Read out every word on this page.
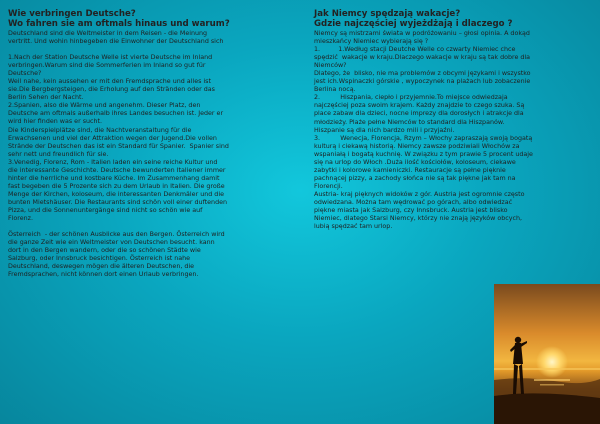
Wie verbringen Deutsche?
Wo fahren sie am oftmals hinaus und warum?
Deutschland sind die Weltmeister in dem Reisen - die Meinung
vertritt. Und wohin hinbegeben die Einwohner der Deutschland sich
1.Nach der Station Deutsche Welle ist vierte Deutsche im Inland
verbringen.Warum sind die Sommerferien im Inland so gut für
Deutsche?
Weil nahe, kein aussehen er mit den Fremdsprache und alles ist
sie.Die Bergbergsteigen, die Erholung auf den Stränden oder das
Berlin Sehen der Nacht.
2.Spanien, also die Wärme und angenehm. Dieser Platz, den
Deutsche am oftmals außerhalb ihres Landes besuchen ist. Jeder er
wird hier finden was er sucht.
Die Kinderspielplätze sind, die Nachtveranstaltung für die
Erwachsenen und viel der Attraktion wegen der Jugend.Die vollen
Strände der Deutschen das ist ein Standard für Spanier.  Spanier sind
sehr nett und freundlich für sie.
3.Venedig, Florenz, Rom - Italien laden ein seine reiche Kultur und
die interessante Geschichte. Deutsche bewunderten Italiener immer
hinter die herrliche und kostbare Küche. Im Zusammenhang damit
fast begeben die 5 Prozente sich zu dem Urlaub in Italien. Die große
Menge der Kirchen, koloseum, die interessanten Denkmäler und die
bunten Mietshäuser. Die Restaurants sind schön voll einer duftenden
Pizza, und die Sonnenuntergänge sind nicht so schön wie auf
Florenz.
Österreich  - der schönen Ausblicke aus den Bergen. Österreich wird
die ganze Zeit wie ein Weltmeister von Deutschen besucht. kann
dort in den Bergen wandern, oder die so schönen Städte wie
Salzburg, oder Innsbruck besichtigen. Österreich ist nahe
Deutschland, deswegen mögen die älteren Deutschen, die
Fremdsprachen, nicht können dort einen Urlaub verbringen.
Jak Niemcy spędzają wakacje?
Gdzie najczęściej wyjeżdżają i dlaczego ?
Niemcy są mistrzami świata w podróżowaniu – głosi opinia. A dokąd
mieszkańcy Niemiec wybierają się ?
1.         1.Według stacji Deutche Welle co czwarty Niemiec chce
spędzić  wakacje w kraju.Dlaczego wakacje w kraju są tak dobre dla
Niemców?
Dlatego, że  blisko, nie ma problemów z obcymi językami i wszystko
jest ich.Wspinaczki górskie , wypoczynek na plażach lub zobaczenie
Berlina nocą.
2.          Hiszpania, ciepło i przyjemnie.To miejsce odwiedzaja
najczęściej poza swoim krajem. Każdy znajdzie to czego szuka. Są
place zabaw dla dzieci, nocne imprezy dla dorosłych i atrakcje dla
młodzieży. Plaże pełne Niemców to standard dla Hiszpanów.
Hiszpanie są dla nich bardzo mili i przyjaźni.
3.          Wenecja, Florencja, Rzym – Włochy zapraszają swoją bogatą
kulturą i ciekawą historią. Niemcy zawsze podziwiali Włochów za
wspaniałą i bogatą kuchnię. W związku z tym prawie 5 procent udaje
się na urlop do Włoch .Duża ilość kościołów, koloseum, ciekawe
zabytki i kolorowe kamieniczki. Restauracje są pełne pięknie
pachnącej pizzy, a zachody słońca nie są tak piękne jak tam na
Florencji.
Austria- kraj pięknych widoków z gór. Austria jest ogromnie często
odwiedzana. Można tam wędrować po górach, albo odwiedzać
piękne miasta jak Salzburg, czy Innsbruck. Austria jest blisko
Niemiec, dlatego Starsi Niemcy, którzy nie znają języków obcych,
lubią spędzać tam urlop.
